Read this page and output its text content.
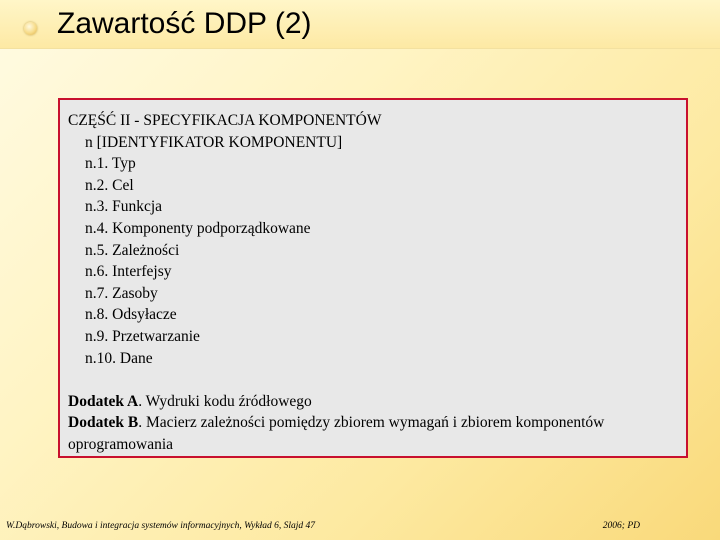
Zawartość DDP (2)
CZĘŚĆ II - SPECYFIKACJA KOMPONENTÓW
n [IDENTYFIKATOR KOMPONENTU]
n.1. Typ
n.2. Cel
n.3. Funkcja
n.4. Komponenty podporządkowane
n.5. Zależności
n.6. Interfejsy
n.7. Zasoby
n.8. Odsyłacze
n.9. Przetwarzanie
n.10. Dane
Dodatek A. Wydruki kodu źródłowego
Dodatek B. Macierz zależności pomiędzy zbiorem wymagań i zbiorem komponentów oprogramowania
W.Dąbrowski, Budowa i integracja systemów informacyjnych, Wykład 6, Slajd 47	2006; PD
